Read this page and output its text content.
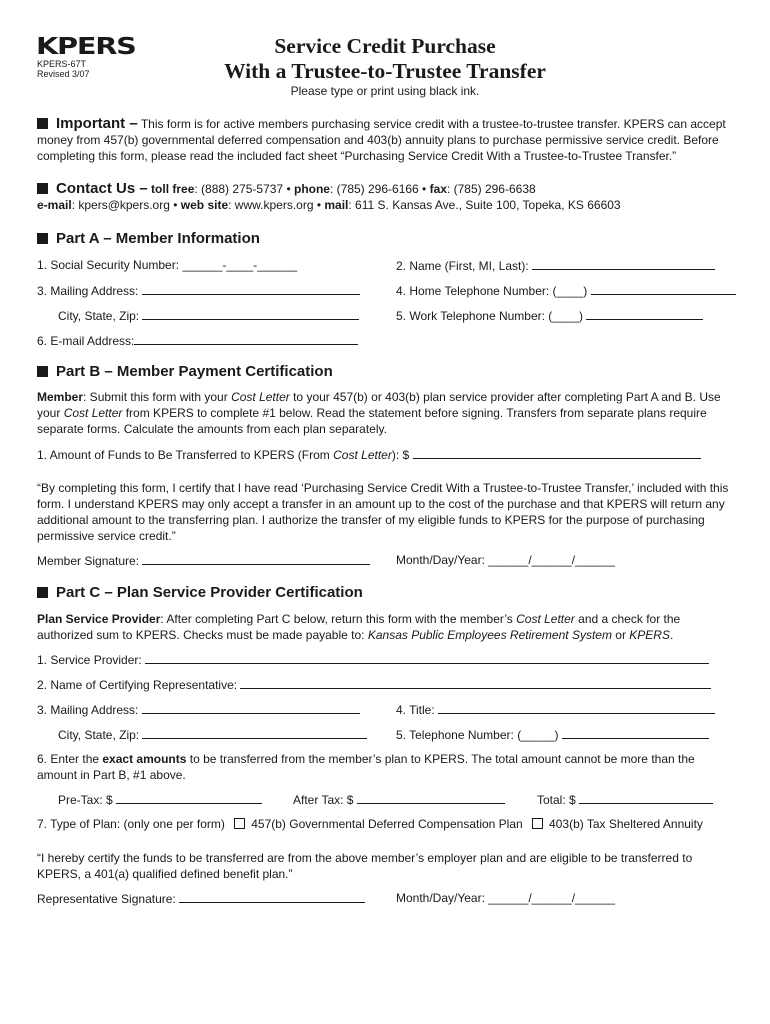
KPERS
KPERS-67T
Revised 3/07
Service Credit Purchase
With a Trustee-to-Trustee Transfer
Please type or print using black ink.
Important – This form is for active members purchasing service credit with a trustee-to-trustee transfer. KPERS can accept money from 457(b) governmental deferred compensation and 403(b) annuity plans to purchase permissive service credit. Before completing this form, please read the included fact sheet “Purchasing Service Credit With a Trustee-to-Trustee Transfer.”
Contact Us – toll free: (888) 275-5737 • phone: (785) 296-6166 • fax: (785) 296-6638
e-mail: kpers@kpers.org • web site: www.kpers.org • mail: 611 S. Kansas Ave., Suite 100, Topeka, KS 66603
Part A – Member Information
1. Social Security Number: ______-____-______	2. Name (First, MI, Last):
3. Mailing Address:	4. Home Telephone Number: (____)
City, State, Zip:	5. Work Telephone Number: (____)
6. E-mail Address:
Part B – Member Payment Certification
Member: Submit this form with your Cost Letter to your 457(b) or 403(b) plan service provider after completing Part A and B. Use your Cost Letter from KPERS to complete #1 below. Read the statement before signing. Transfers from separate plans require separate forms. Calculate the amounts from each plan separately.
1. Amount of Funds to Be Transferred to KPERS (From Cost Letter): $
“By completing this form, I certify that I have read ‘Purchasing Service Credit With a Trustee-to-Trustee Transfer,’ included with this form. I understand KPERS may only accept a transfer in an amount up to the cost of the purchase and that KPERS will return any additional amount to the transferring plan. I authorize the transfer of my eligible funds to KPERS for the purpose of purchasing permissive service credit.”
Member Signature:	Month/Day/Year: ______/______/______
Part C – Plan Service Provider Certification
Plan Service Provider: After completing Part C below, return this form with the member’s Cost Letter and a check for the authorized sum to KPERS. Checks must be made payable to: Kansas Public Employees Retirement System or KPERS.
1. Service Provider:
2. Name of Certifying Representative:
3. Mailing Address:	4. Title:
City, State, Zip:	5. Telephone Number: (_____)
6. Enter the exact amounts to be transferred from the member’s plan to KPERS. The total amount cannot be more than the amount in Part B, #1 above.
Pre-Tax: $	After Tax: $	Total: $
7. Type of Plan: (only one per form) 457(b) Governmental Deferred Compensation Plan 403(b) Tax Sheltered Annuity
“I hereby certify the funds to be transferred are from the above member’s employer plan and are eligible to be transferred to KPERS, a 401(a) qualified defined benefit plan.”
Representative Signature:	Month/Day/Year: ______/______/______
